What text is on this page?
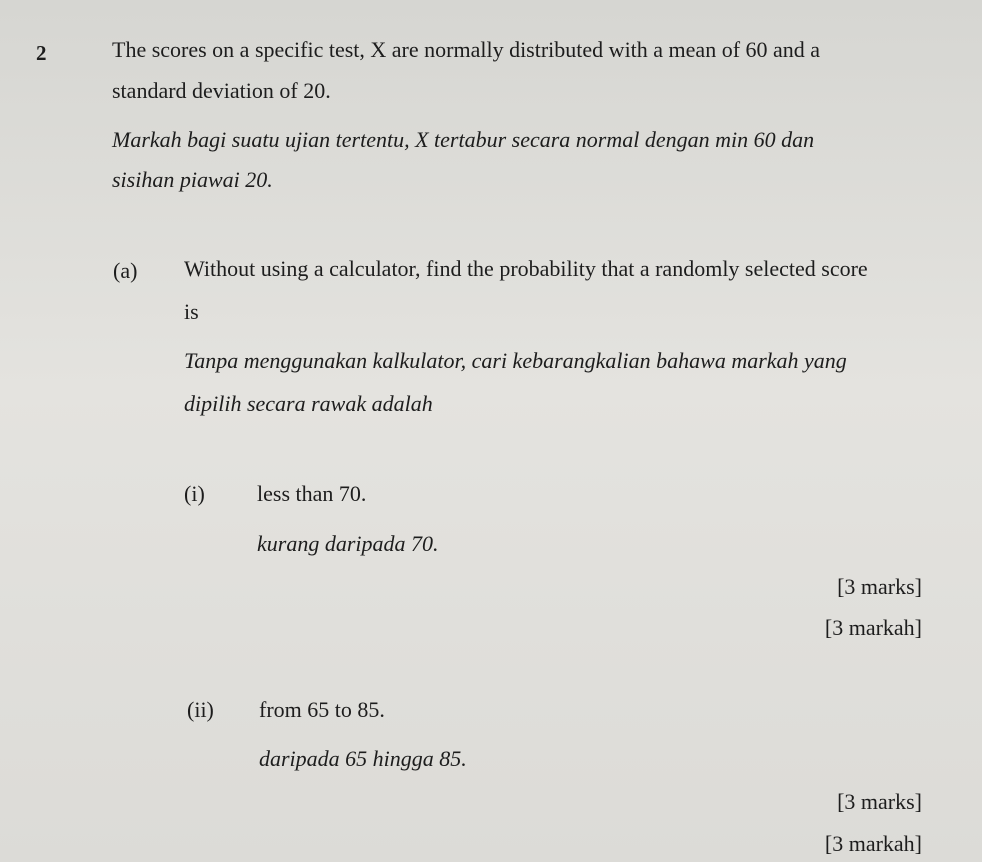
2	The scores on a specific test, X are normally distributed with a mean of 60 and a
standard deviation of 20.
Markah bagi suatu ujian tertentu, X tertabur secara normal dengan min 60 dan
sisihan piawai 20.
(a) Without using a calculator, find the probability that a randomly selected score
is
Tanpa menggunakan kalkulator, cari kebarangkalian bahawa markah yang
dipilih secara rawak adalah
(i) less than 70.
kurang daripada 70.
[3 marks]
[3 markah]
(ii) from 65 to 85.
daripada 65 hingga 85.
[3 marks]
[3 markah]
